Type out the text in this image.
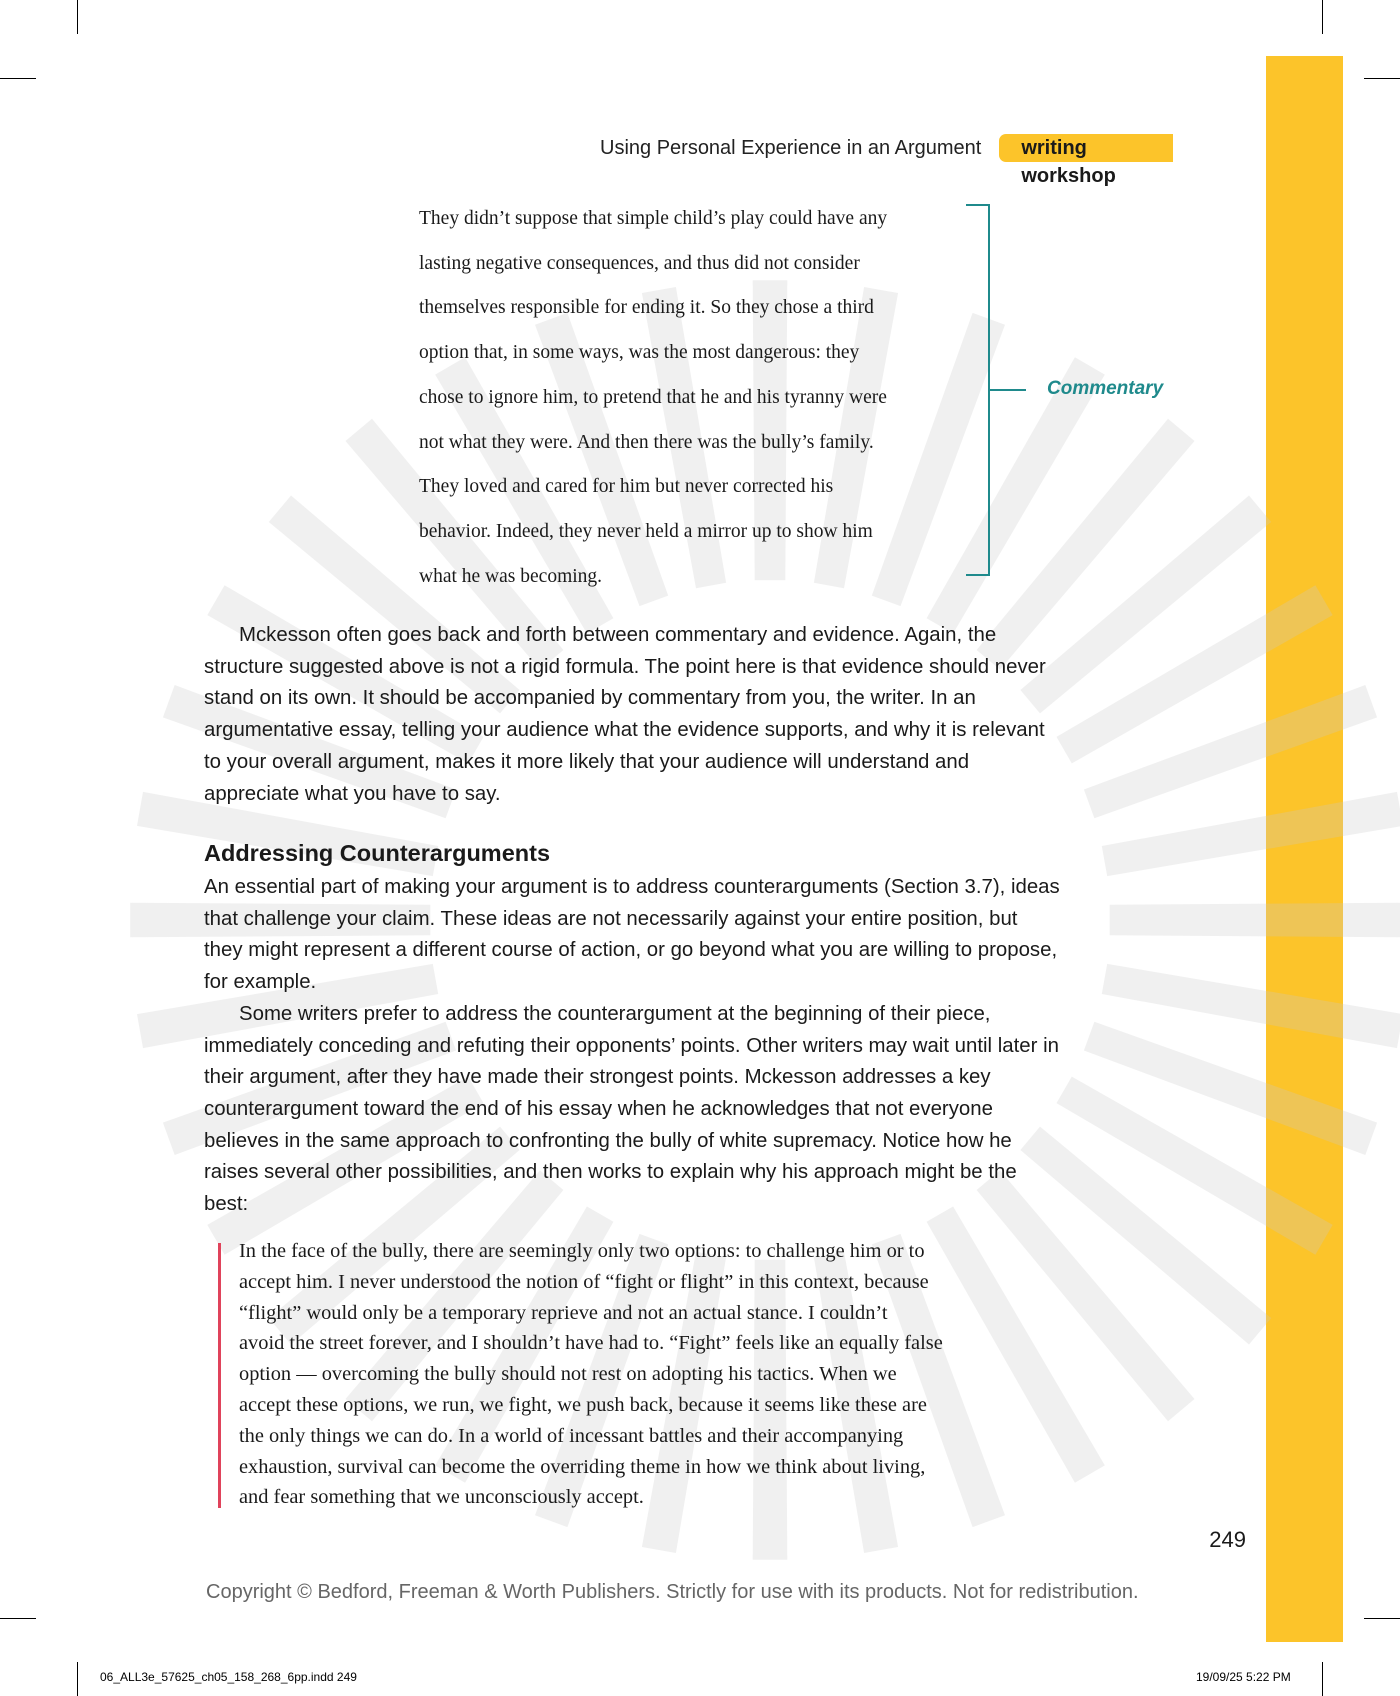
Using Personal Experience in an Argument	writing workshop
They didn’t suppose that simple child’s play could have any
lasting negative consequences, and thus did not consider
themselves responsible for ending it. So they chose a third
option that, in some ways, was the most dangerous: they
chose to ignore him, to pretend that he and his tyranny were
not what they were. And then there was the bully’s family.
They loved and cared for him but never corrected his
behavior. Indeed, they never held a mirror up to show him
what he was becoming.
Commentary

Mckesson often goes back and forth between commentary and evidence. Again, the structure suggested above is not a rigid formula. The point here is that evidence should never stand on its own. It should be accompanied by commentary from you, the writer. In an argumentative essay, telling your audience what the evidence supports, and why it is relevant to your overall argument, makes it more likely that your audience will understand and appreciate what you have to say.

Addressing Counterarguments

An essential part of making your argument is to address counterarguments (Section 3.7), ideas that challenge your claim. These ideas are not necessarily against your entire position, but they might represent a different course of action, or go beyond what you are willing to propose, for example.

Some writers prefer to address the counterargument at the beginning of their piece, immediately conceding and refuting their opponents’ points. Other writers may wait until later in their argument, after they have made their strongest points. Mckesson addresses a key counterargument toward the end of his essay when he acknowledges that not everyone believes in the same approach to confronting the bully of white supremacy. Notice how he raises several other possibilities, and then works to explain why his approach might be the best:

In the face of the bully, there are seemingly only two options: to challenge him or to
accept him. I never understood the notion of “fight or flight” in this context, because
“flight” would only be a temporary reprieve and not an actual stance. I couldn’t
avoid the street forever, and I shouldn’t have had to. “Fight” feels like an equally false
option — overcoming the bully should not rest on adopting his tactics. When we
accept these options, we run, we fight, we push back, because it seems like these are
the only things we can do. In a world of incessant battles and their accompanying
exhaustion, survival can become the overriding theme in how we think about living,
and fear something that we unconsciously accept.
249
Copyright © Bedford, Freeman & Worth Publishers. Strictly for use with its products. Not for redistribution.
06_ALL3e_57625_ch05_158_268_6pp.indd 249	19/09/25 5:22 PM
